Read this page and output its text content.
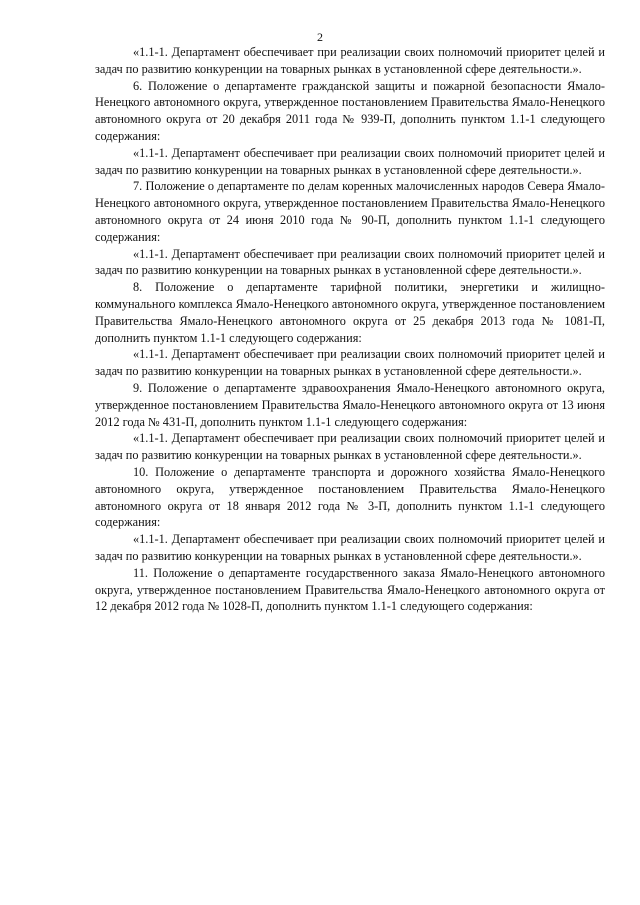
2

«1.1-1. Департамент обеспечивает при реализации своих полномочий приоритет целей и задач по развитию конкуренции на товарных рынках в установленной сфере деятельности.».

6. Положение о департаменте гражданской защиты и пожарной безопасности Ямало-Ненецкого автономного округа, утвержденное постановлением Правительства Ямало-Ненецкого автономного округа от 20 декабря 2011 года № 939-П, дополнить пунктом 1.1-1 следующего содержания:

«1.1-1. Департамент обеспечивает при реализации своих полномочий приоритет целей и задач по развитию конкуренции на товарных рынках в установленной сфере деятельности.».

7. Положение о департаменте по делам коренных малочисленных народов Севера Ямало-Ненецкого автономного округа, утвержденное постановлением Правительства Ямало-Ненецкого автономного округа от 24 июня 2010 года № 90-П, дополнить пунктом 1.1-1 следующего содержания:

«1.1-1. Департамент обеспечивает при реализации своих полномочий приоритет целей и задач по развитию конкуренции на товарных рынках в установленной сфере деятельности.».

8. Положение о департаменте тарифной политики, энергетики и жилищно-коммунального комплекса Ямало-Ненецкого автономного округа, утвержденное постановлением Правительства Ямало-Ненецкого автономного округа от 25 декабря 2013 года № 1081-П, дополнить пунктом 1.1-1 следующего содержания:

«1.1-1. Департамент обеспечивает при реализации своих полномочий приоритет целей и задач по развитию конкуренции на товарных рынках в установленной сфере деятельности.».

9. Положение о департаменте здравоохранения Ямало-Ненецкого автономного округа, утвержденное постановлением Правительства Ямало-Ненецкого автономного округа от 13 июня 2012 года № 431-П, дополнить пунктом 1.1-1 следующего содержания:

«1.1-1. Департамент обеспечивает при реализации своих полномочий приоритет целей и задач по развитию конкуренции на товарных рынках в установленной сфере деятельности.».

10. Положение о департаменте транспорта и дорожного хозяйства Ямало-Ненецкого автономного округа, утвержденное постановлением Правительства Ямало-Ненецкого автономного округа от 18 января 2012 года № 3-П, дополнить пунктом 1.1-1 следующего содержания:

«1.1-1. Департамент обеспечивает при реализации своих полномочий приоритет целей и задач по развитию конкуренции на товарных рынках в установленной сфере деятельности.».

11. Положение о департаменте государственного заказа Ямало-Ненецкого автономного округа, утвержденное постановлением Правительства Ямало-Ненецкого автономного округа от 12 декабря 2012 года № 1028-П, дополнить пунктом 1.1-1 следующего содержания:
